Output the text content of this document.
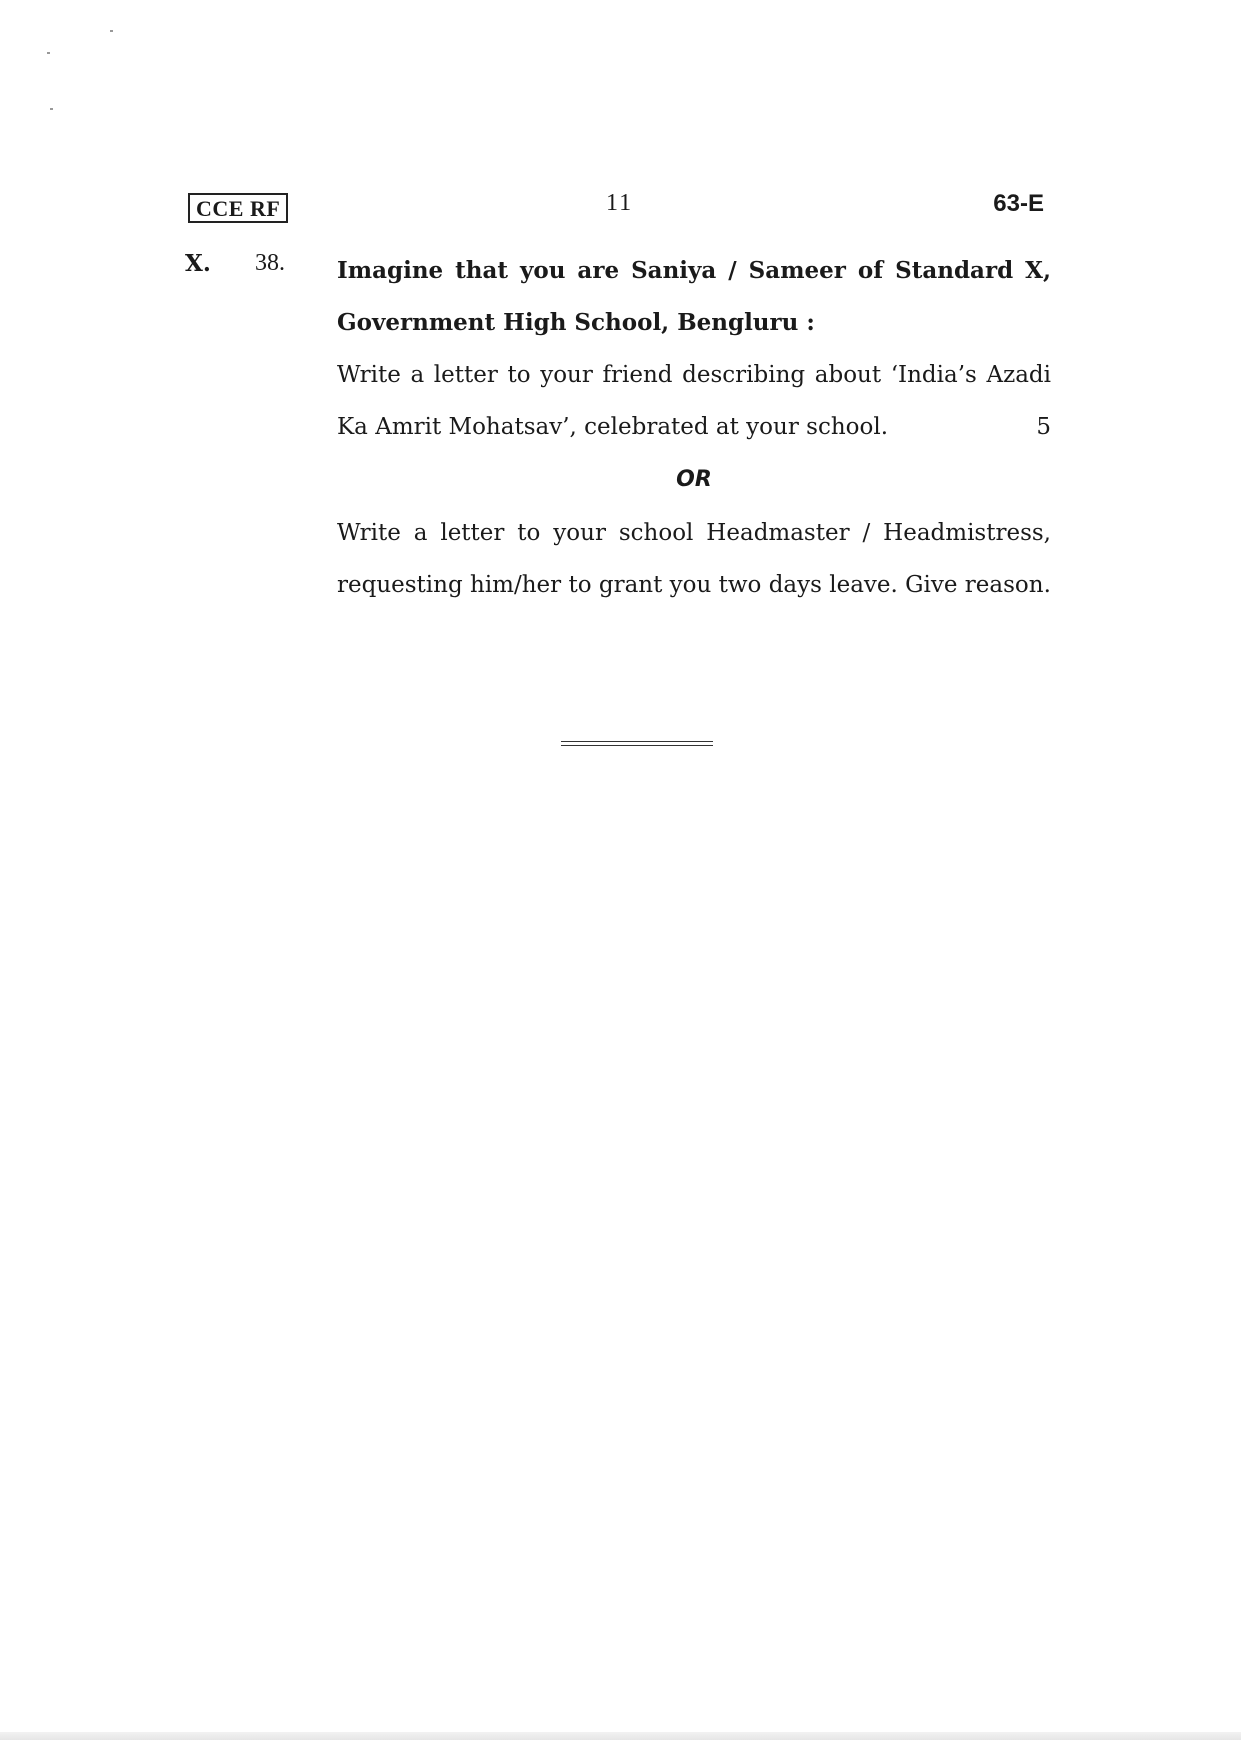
CCE RF	11	63-E
X. 38. Imagine that you are Saniya / Sameer of Standard X, Government High School, Bengluru :

Write a letter to your friend describing about ‘India’s Azadi Ka Amrit Mohatsav’, celebrated at your school.	5

OR

Write a letter to your school Headmaster / Headmistress, requesting him/her to grant you two days leave. Give reason.
